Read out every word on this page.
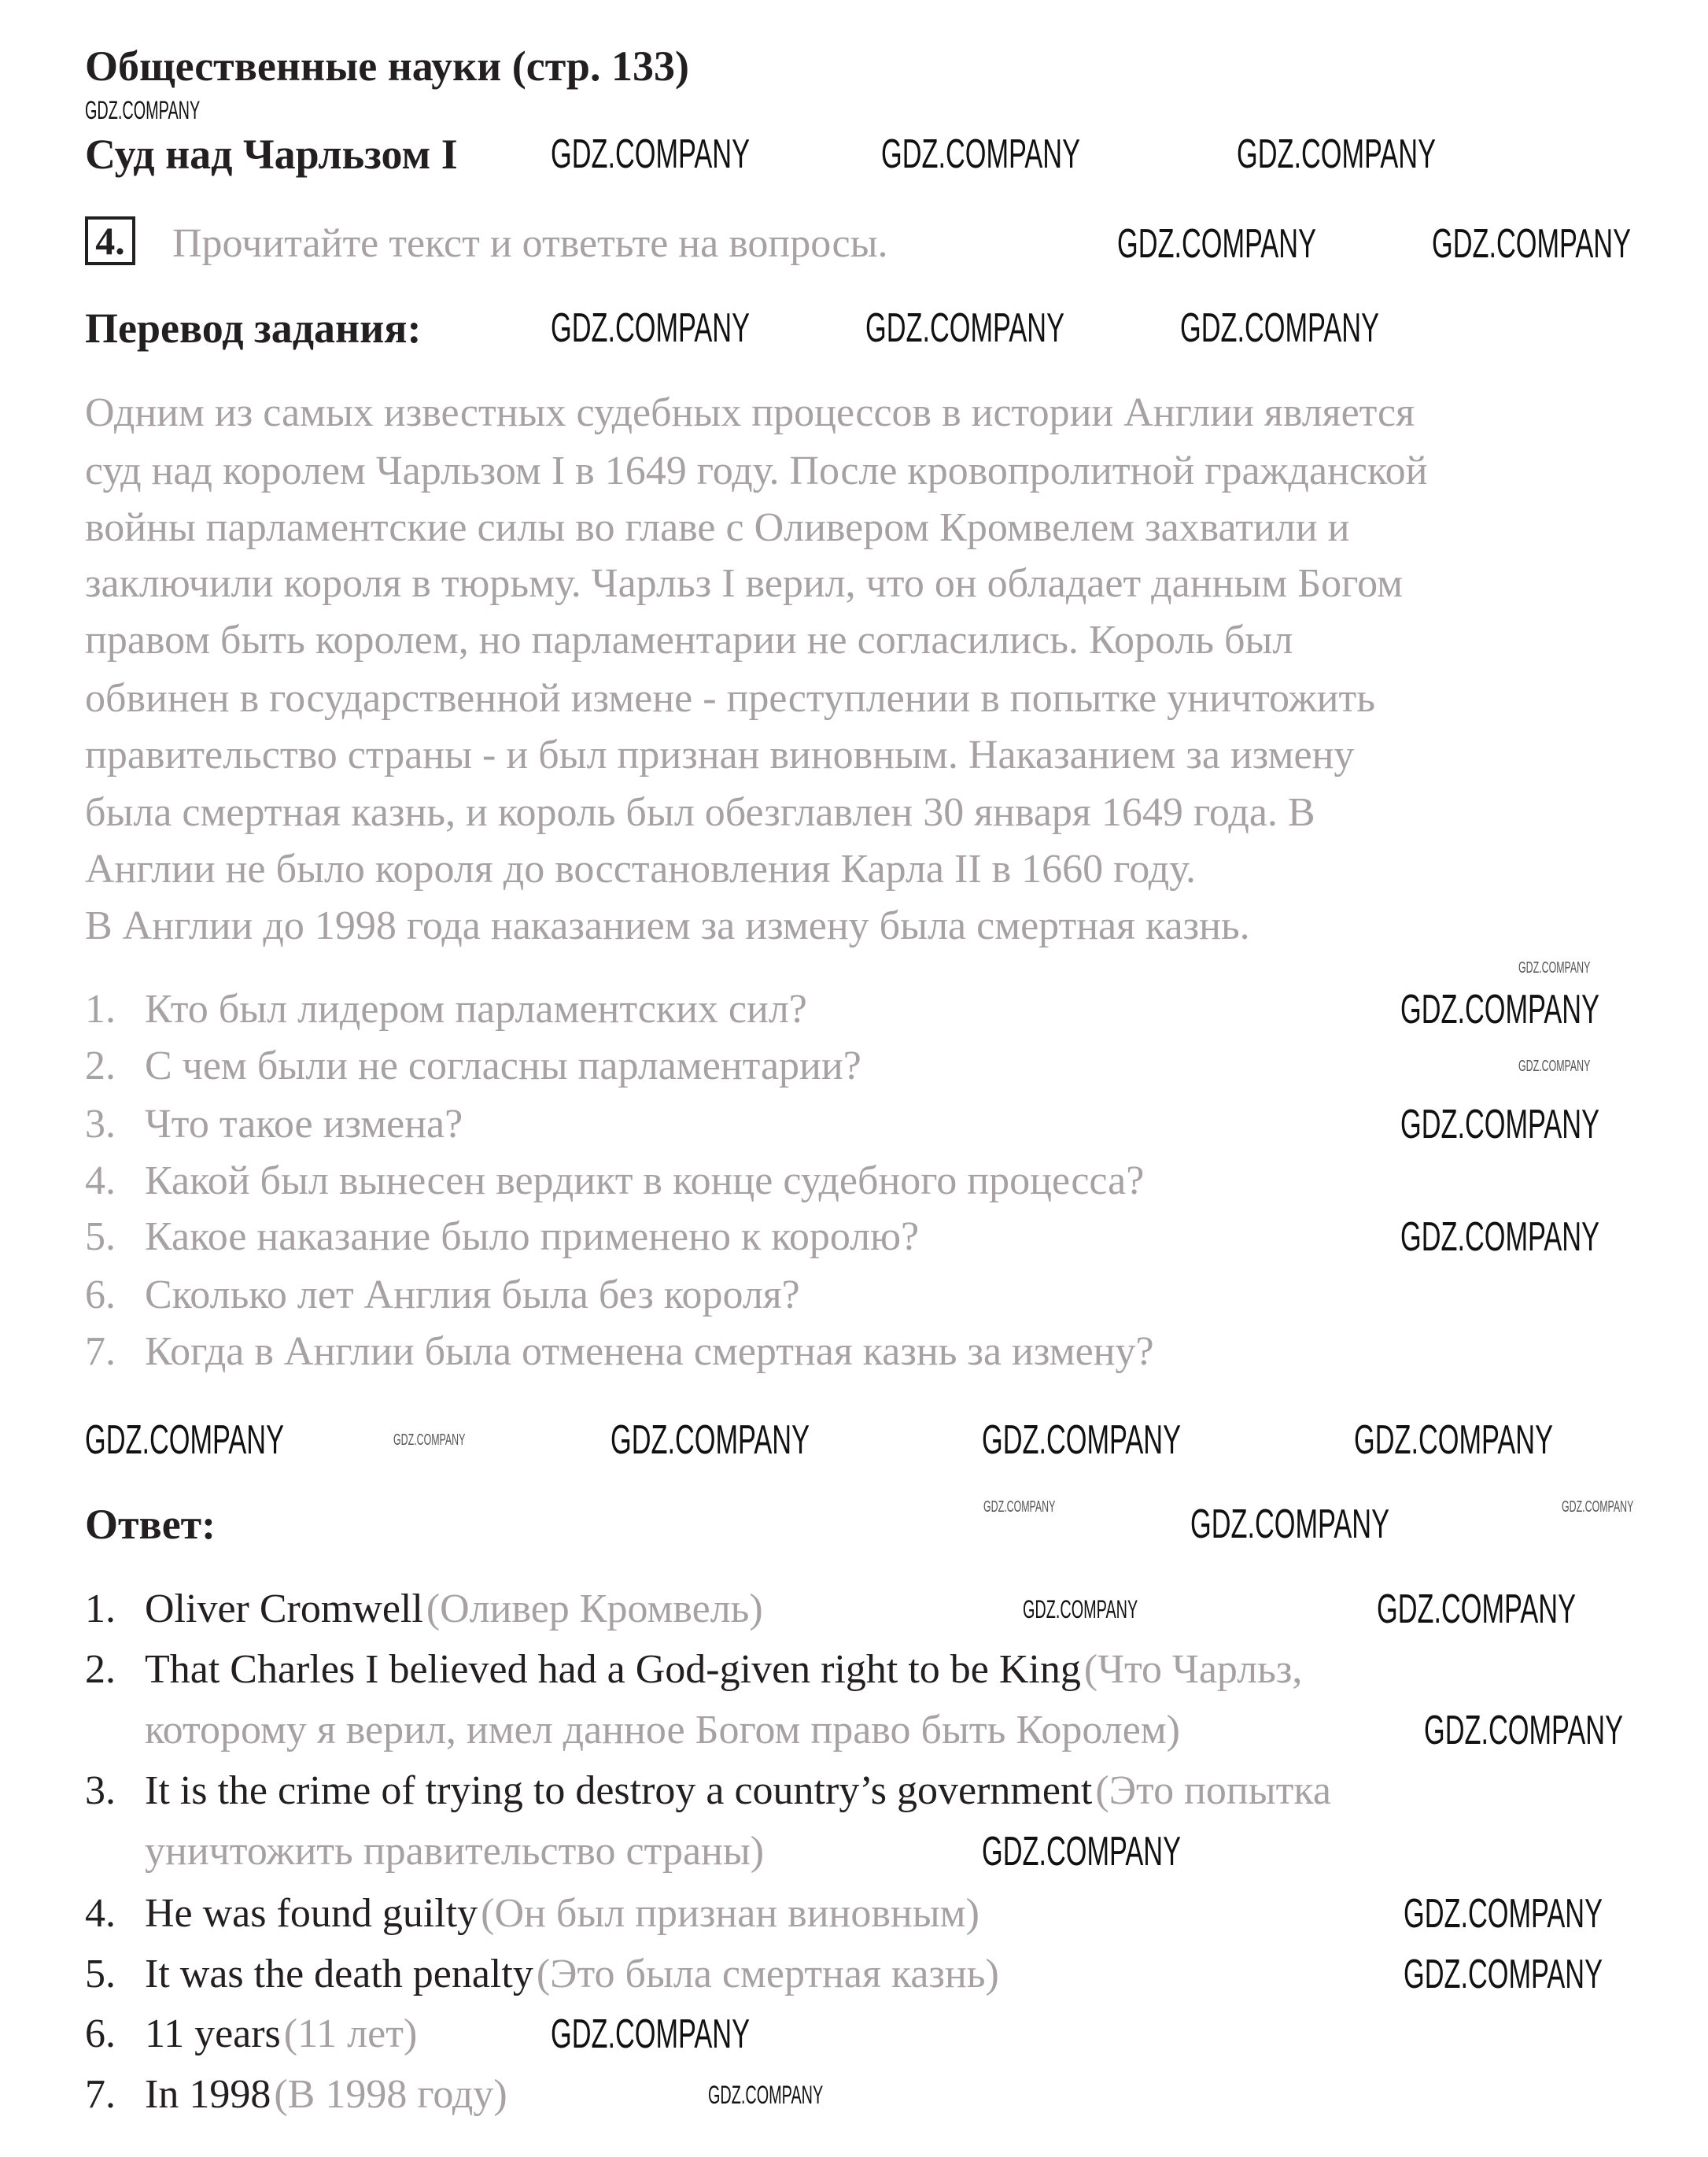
Общественные науки (стр. 133)
Суд над Чарльзом I
4. Прочитайте текст и ответьте на вопросы.
Перевод задания:
Одним из самых известных судебных процессов в истории Англии является
суд над королем Чарльзом I в 1649 году. После кровопролитной гражданской
войны парламентские силы во главе с Оливером Кромвелем захватили и
заключили короля в тюрьму. Чарльз I верил, что он обладает данным Богом
правом быть королем, но парламентарии не согласились. Король был
обвинен в государственной измене - преступлении в попытке уничтожить
правительство страны - и был признан виновным. Наказанием за измену
была смертная казнь, и король был обезглавлен 30 января 1649 года. В
Англии не было короля до восстановления Карла II в 1660 году.
В Англии до 1998 года наказанием за измену была смертная казнь.
1. Кто был лидером парламентских сил?
2. С чем были не согласны парламентарии?
3. Что такое измена?
4. Какой был вынесен вердикт в конце судебного процесса?
5. Какое наказание было применено к королю?
6. Сколько лет Англия была без короля?
7. Когда в Англии была отменена смертная казнь за измену?
Ответ:
1. Oliver Cromwell (Оливер Кромвель)
2. That Charles I believed had a God-given right to be King (Что Чарльз,
которому я верил, имел данное Богом право быть Королем)
3. It is the crime of trying to destroy a country’s government (Это попытка
уничтожить правительство страны)
4. He was found guilty (Он был признан виновным)
5. It was the death penalty (Это была смертная казнь)
6. 11 years (11 лет)
7. In 1998 (В 1998 году)
GDZ.COMPANY
GDZ.COMPANY	GDZ.COMPANY	GDZ.COMPANY
GDZ.COMPANY	GDZ.COMPANY
GDZ.COMPANY	GDZ.COMPANY	GDZ.COMPANY
GDZ.COMPANY
GDZ.COMPANY
GDZ.COMPANY
GDZ.COMPANY
GDZ.COMPANY
GDZ.COMPANY	GDZ.COMPANY	GDZ.COMPANY	GDZ.COMPANY	GDZ.COMPANY
GDZ.COMPANY	GDZ.COMPANY	GDZ.COMPANY
GDZ.COMPANY	GDZ.COMPANY
GDZ.COMPANY
GDZ.COMPANY
GDZ.COMPANY
GDZ.COMPANY
GDZ.COMPANY
GDZ.COMPANY
